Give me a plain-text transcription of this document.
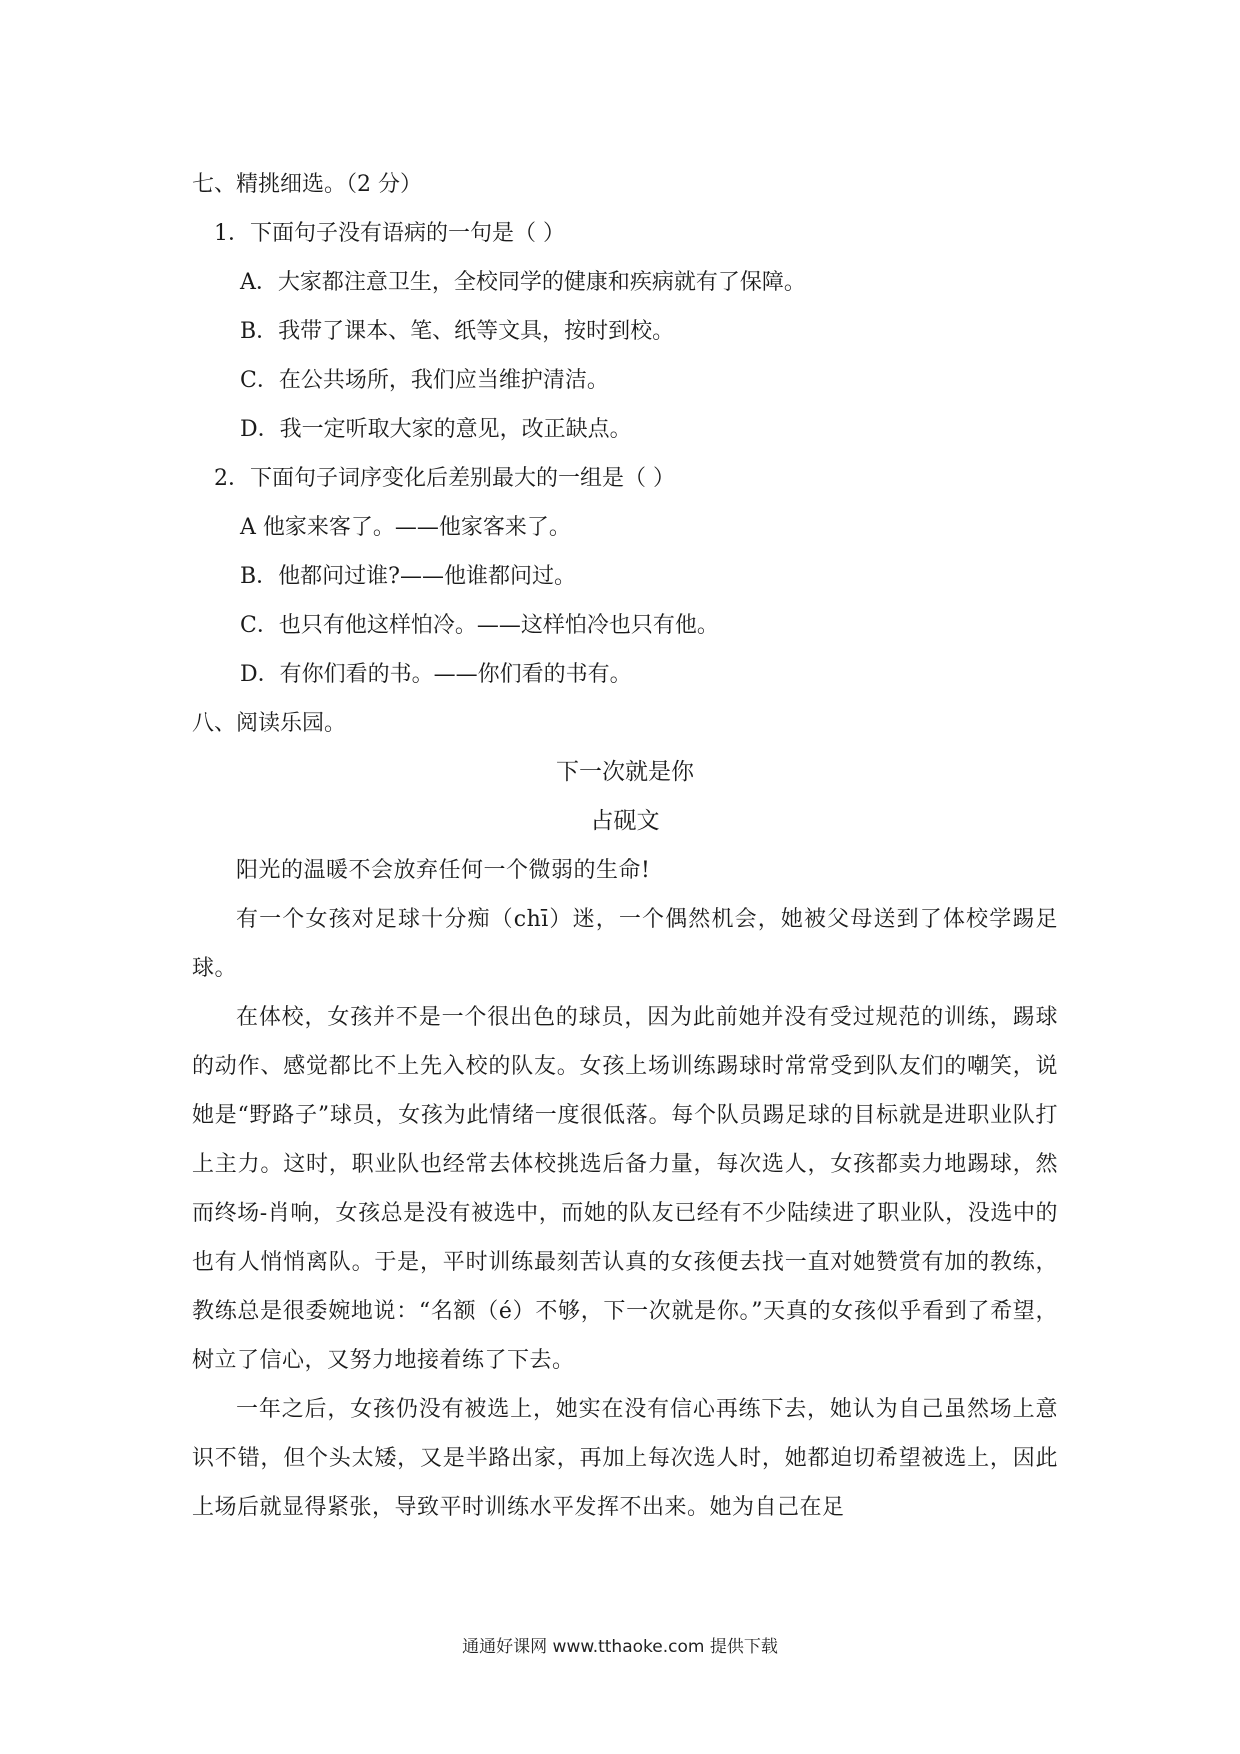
七、精挑细选。（2 分）
1．下面句子没有语病的一句是（ ）
A．大家都注意卫生，全校同学的健康和疾病就有了保障。
B．我带了课本、笔、纸等文具，按时到校。
C．在公共场所，我们应当维护清洁。
D．我一定听取大家的意见，改正缺点。
2．下面句子词序变化后差别最大的一组是（ ）
A 他家来客了。——他家客来了。
B．他都问过谁?——他谁都问过。
C．也只有他这样怕冷。——这样怕冷也只有他。
D．有你们看的书。——你们看的书有。
八、阅读乐园。
下一次就是你
占砚文
阳光的温暖不会放弃任何一个微弱的生命!
有一个女孩对足球十分痴（chī）迷，一个偶然机会，她被父母送到了体校学踢足球。
在体校，女孩并不是一个很出色的球员，因为此前她并没有受过规范的训练，踢球的动作、感觉都比不上先入校的队友。女孩上场训练踢球时常常受到队友们的嘲笑，说她是“野路子”球员，女孩为此情绪一度很低落。每个队员踢足球的目标就是进职业队打上主力。这时，职业队也经常去体校挑选后备力量，每次选人，女孩都卖力地踢球，然而终场-肖响，女孩总是没有被选中，而她的队友已经有不少陆续进了职业队，没选中的也有人悄悄离队。于是，平时训练最刻苦认真的女孩便去找一直对她赞赏有加的教练，教练总是很委婉地说：“名额（é）不够，下一次就是你。”天真的女孩似乎看到了希望，树立了信心，又努力地接着练了下去。
一年之后，女孩仍没有被选上，她实在没有信心再练下去，她认为自己虽然场上意识不错，但个头太矮，又是半路出家，再加上每次选人时，她都迫切希望被选上，因此上场后就显得紧张，导致平时训练水平发挥不出来。她为自己在足
通通好课网 www.tthaoke.com 提供下载
